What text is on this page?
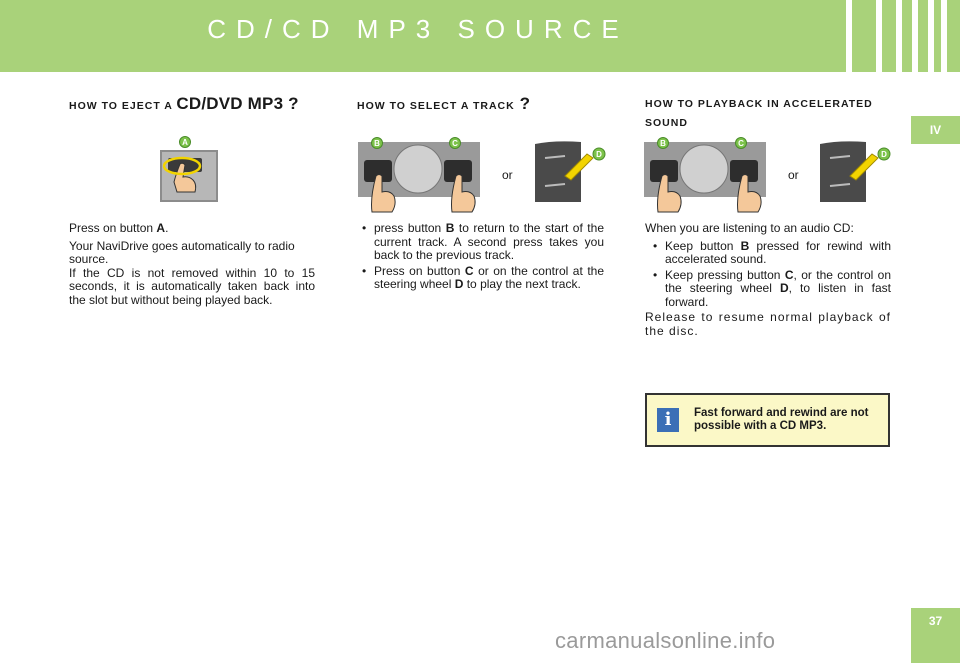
CD/CD MP3 SOURCE
IV
37
HOW TO EJECT A CD/DVD MP3 ?
A

Press on button A.

Your NaviDrive goes automatically to radio source.

If the CD is not removed within 10 to 15 seconds, it is automatically taken back into the slot but without being played back.

HOW TO SELECT A TRACK ?
B	C
or
D
• press button B to return to the start of the current track. A second press takes you back to the previous track.
• Press on button C or on the control at the steering wheel D to play the next track.
HOW TO PLAYBACK IN ACCELERATED SOUND
B	C
or
D

When you are listening to an audio CD:

• Keep button B pressed for rewind with accelerated sound.
• Keep pressing button C, or the control on the steering wheel D, to listen in fast forward.

Release to resume normal playback of the disc.

i	Fast forward and rewind are not possible with a CD MP3.
carmanualsonline.info
